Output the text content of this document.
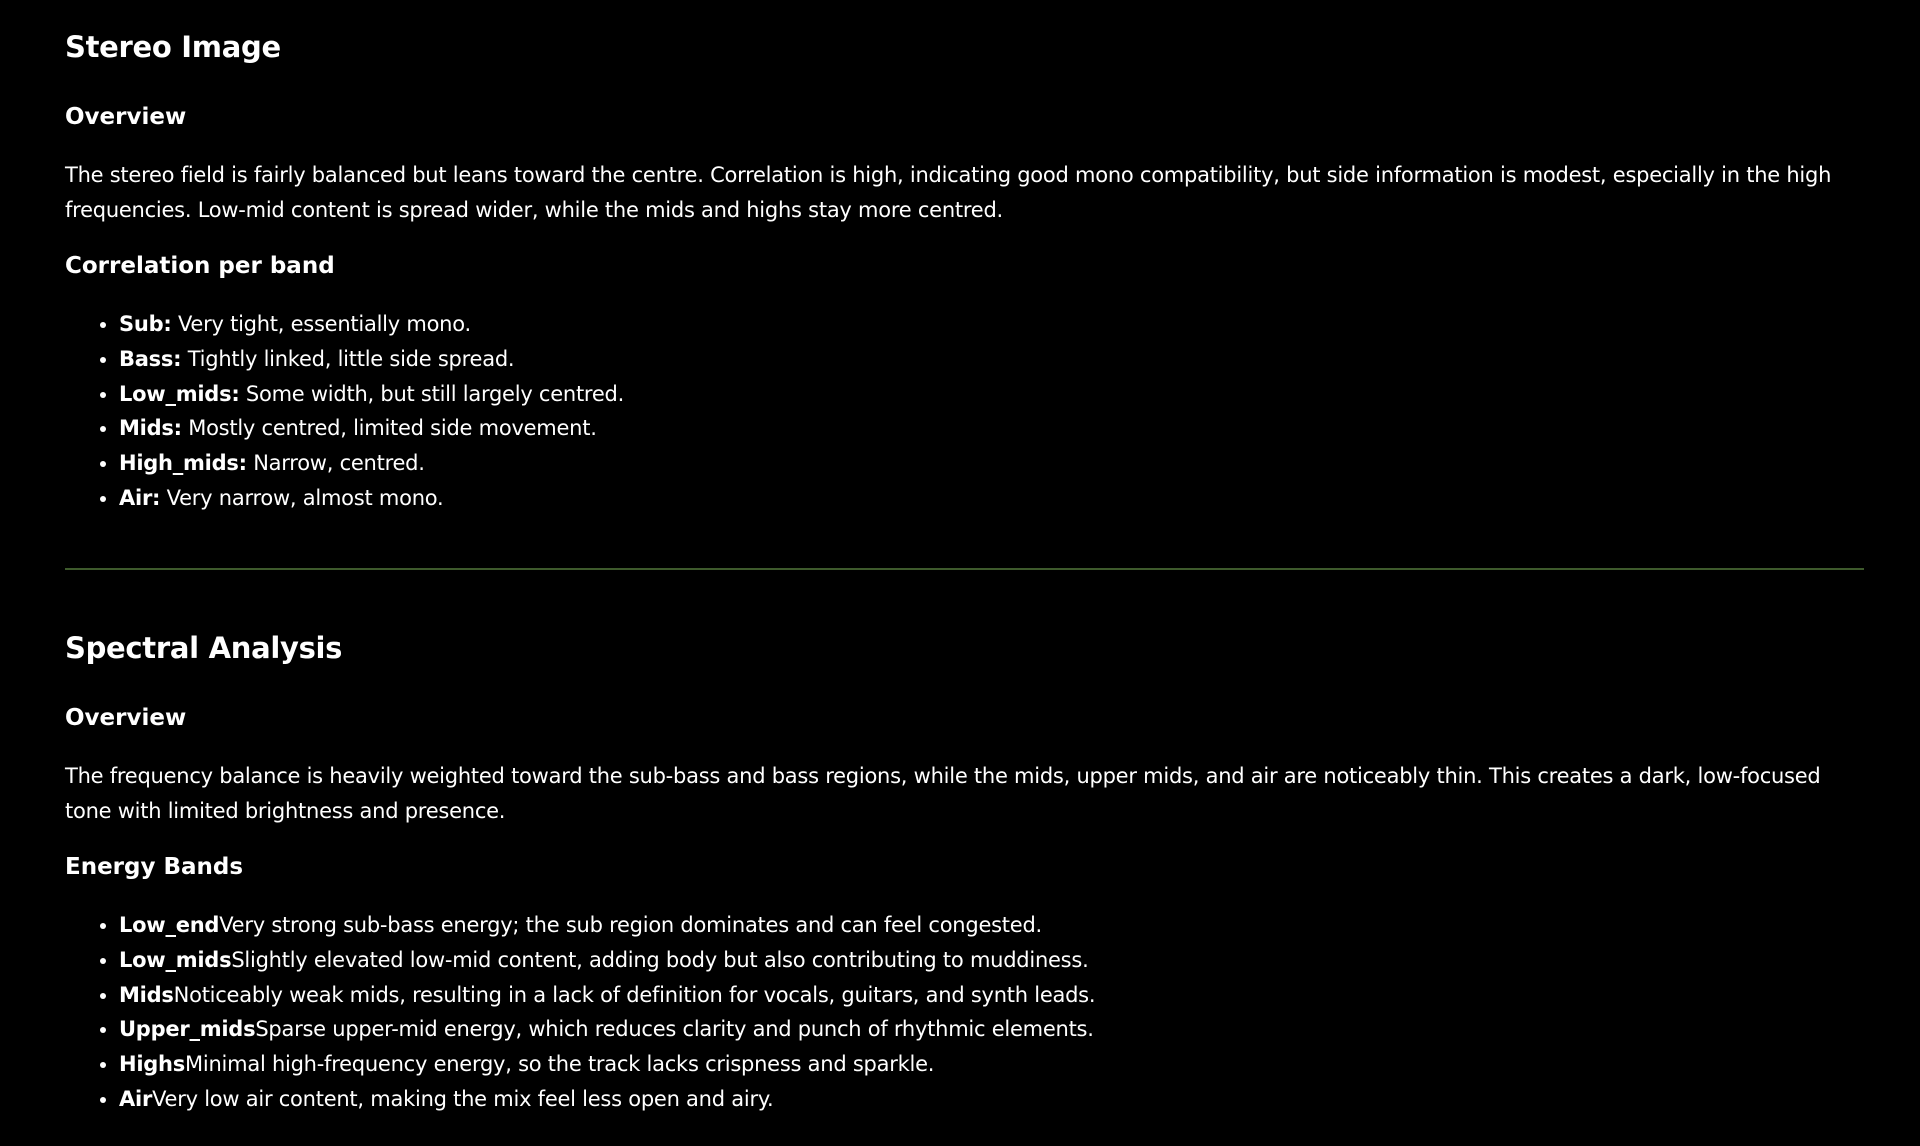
Stereo Image
Overview

The stereo field is fairly balanced but leans toward the centre. Correlation is high, indicating good mono compatibility, but side information is modest, especially in the high frequencies. Low-mid content is spread wider, while the mids and highs stay more centred.

Correlation per band
• Sub: Very tight, essentially mono.
• Bass: Tightly linked, little side spread.
• Low_mids: Some width, but still largely centred.
• Mids: Mostly centred, limited side movement.
• High_mids: Narrow, centred.
• Air: Very narrow, almost mono.
Spectral Analysis
Overview

The frequency balance is heavily weighted toward the sub-bass and bass regions, while the mids, upper mids, and air are noticeably thin. This creates a dark, low-focused tone with limited brightness and presence.

Energy Bands
• Low_endVery strong sub-bass energy; the sub region dominates and can feel congested.
• Low_midsSlightly elevated low-mid content, adding body but also contributing to muddiness.
• MidsNoticeably weak mids, resulting in a lack of definition for vocals, guitars, and synth leads.
• Upper_midsSparse upper-mid energy, which reduces clarity and punch of rhythmic elements.
• HighsMinimal high-frequency energy, so the track lacks crispness and sparkle.
• AirVery low air content, making the mix feel less open and airy.
